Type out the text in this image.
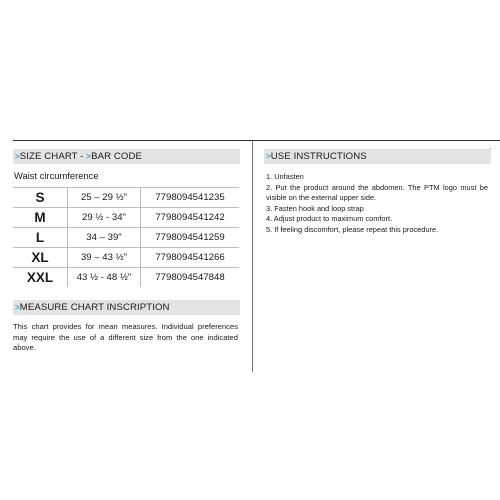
>SIZE CHART - >BAR CODE
Waist circumference
S	25 – 29 ½"	7798094541235
M	29 ½ - 34"	7798094541242
L	34 – 39"	7798094541259
XL	39 – 43 ½"	7798094541266
XXL	43 ½ - 48 ½"	7798094547848
>MEASURE CHART INSCRIPTION
This chart provides for mean measures. Individual preferences may require the use of a different size from the one indicated above.
>USE INSTRUCTIONS
1. Unfasten
2. Put the product around the abdomen. The PTM logo must be visible on the external upper side.
3. Fasten hook and loop strap
4. Adjust product to maximum comfort.
5. If feeling discomfort, please repeat this procedure.
